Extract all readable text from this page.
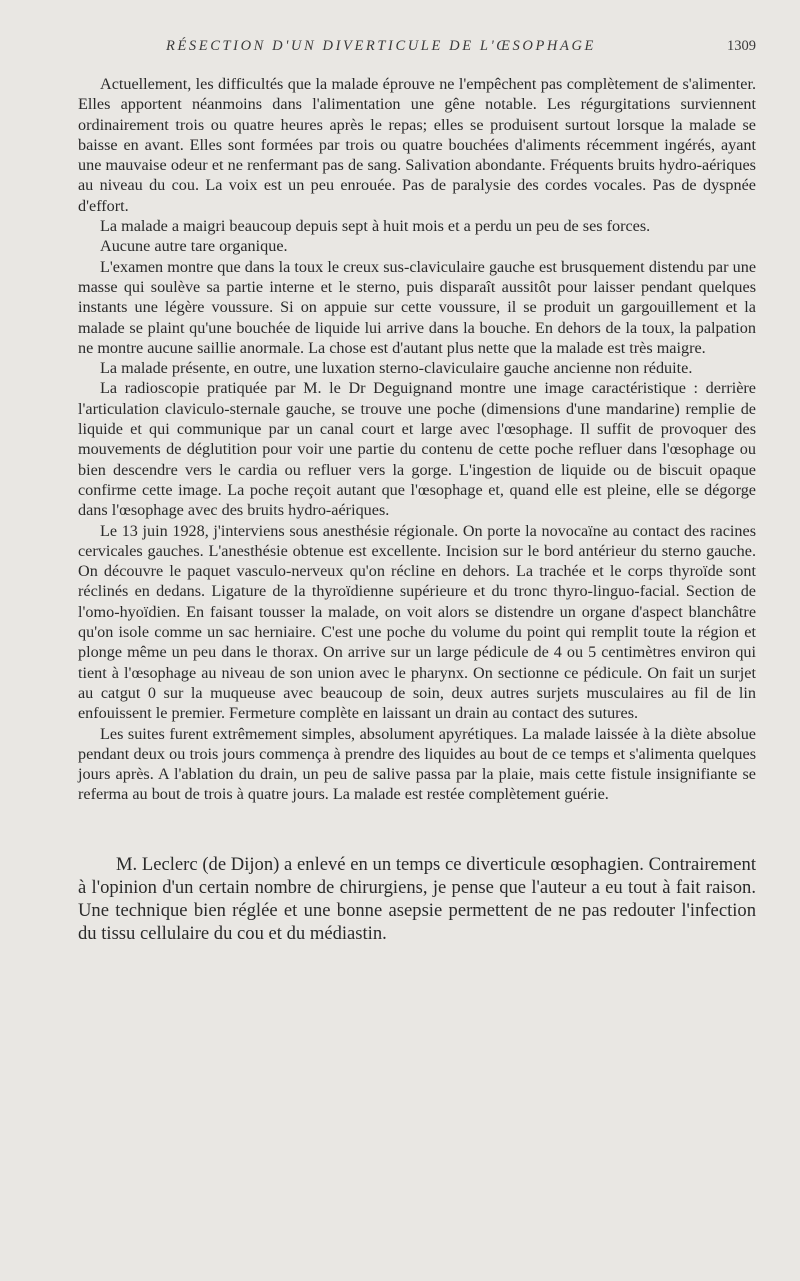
RÉSECTION D'UN DIVERTICULE DE L'ŒSOPHAGE	1309

Actuellement, les difficultés que la malade éprouve ne l'empêchent pas complètement de s'alimenter. Elles apportent néanmoins dans l'alimentation une gêne notable. Les régurgitations surviennent ordinairement trois ou quatre heures après le repas; elles se produisent surtout lorsque la malade se baisse en avant. Elles sont formées par trois ou quatre bouchées d'aliments récemment ingérés, ayant une mauvaise odeur et ne renfermant pas de sang. Salivation abondante. Fréquents bruits hydro-aériques au niveau du cou. La voix est un peu enrouée. Pas de paralysie des cordes vocales. Pas de dyspnée d'effort.

La malade a maigri beaucoup depuis sept à huit mois et a perdu un peu de ses forces.

Aucune autre tare organique.

L'examen montre que dans la toux le creux sus-claviculaire gauche est brusquement distendu par une masse qui soulève sa partie interne et le sterno, puis disparaît aussitôt pour laisser pendant quelques instants une légère voussure. Si on appuie sur cette voussure, il se produit un gargouillement et la malade se plaint qu'une bouchée de liquide lui arrive dans la bouche. En dehors de la toux, la palpation ne montre aucune saillie anormale. La chose est d'autant plus nette que la malade est très maigre.

La malade présente, en outre, une luxation sterno-claviculaire gauche ancienne non réduite.

La radioscopie pratiquée par M. le Dr Deguignand montre une image caractéristique : derrière l'articulation claviculo-sternale gauche, se trouve une poche (dimensions d'une mandarine) remplie de liquide et qui communique par un canal court et large avec l'œsophage. Il suffit de provoquer des mouvements de déglutition pour voir une partie du contenu de cette poche refluer dans l'œsophage ou bien descendre vers le cardia ou refluer vers la gorge. L'ingestion de liquide ou de biscuit opaque confirme cette image. La poche reçoit autant que l'œsophage et, quand elle est pleine, elle se dégorge dans l'œsophage avec des bruits hydro-aériques.

Le 13 juin 1928, j'interviens sous anesthésie régionale. On porte la novocaïne au contact des racines cervicales gauches. L'anesthésie obtenue est excellente. Incision sur le bord antérieur du sterno gauche. On découvre le paquet vasculo-nerveux qu'on récline en dehors. La trachée et le corps thyroïde sont réclinés en dedans. Ligature de la thyroïdienne supérieure et du tronc thyro-linguo-facial. Section de l'omo-hyoïdien. En faisant tousser la malade, on voit alors se distendre un organe d'aspect blanchâtre qu'on isole comme un sac herniaire. C'est une poche du volume du point qui remplit toute la région et plonge même un peu dans le thorax. On arrive sur un large pédicule de 4 ou 5 centimètres environ qui tient à l'œsophage au niveau de son union avec le pharynx. On sectionne ce pédicule. On fait un surjet au catgut 0 sur la muqueuse avec beaucoup de soin, deux autres surjets musculaires au fil de lin enfouissent le premier. Fermeture complète en laissant un drain au contact des sutures.

Les suites furent extrêmement simples, absolument apyrétiques. La malade laissée à la diète absolue pendant deux ou trois jours commença à prendre des liquides au bout de ce temps et s'alimenta quelques jours après. A l'ablation du drain, un peu de salive passa par la plaie, mais cette fistule insignifiante se referma au bout de trois à quatre jours. La malade est restée complètement guérie.

M. Leclerc (de Dijon) a enlevé en un temps ce diverticule œsophagien. Contrairement à l'opinion d'un certain nombre de chirurgiens, je pense que l'auteur a eu tout à fait raison. Une technique bien réglée et une bonne asepsie permettent de ne pas redouter l'infection du tissu cellulaire du cou et du médiastin.
